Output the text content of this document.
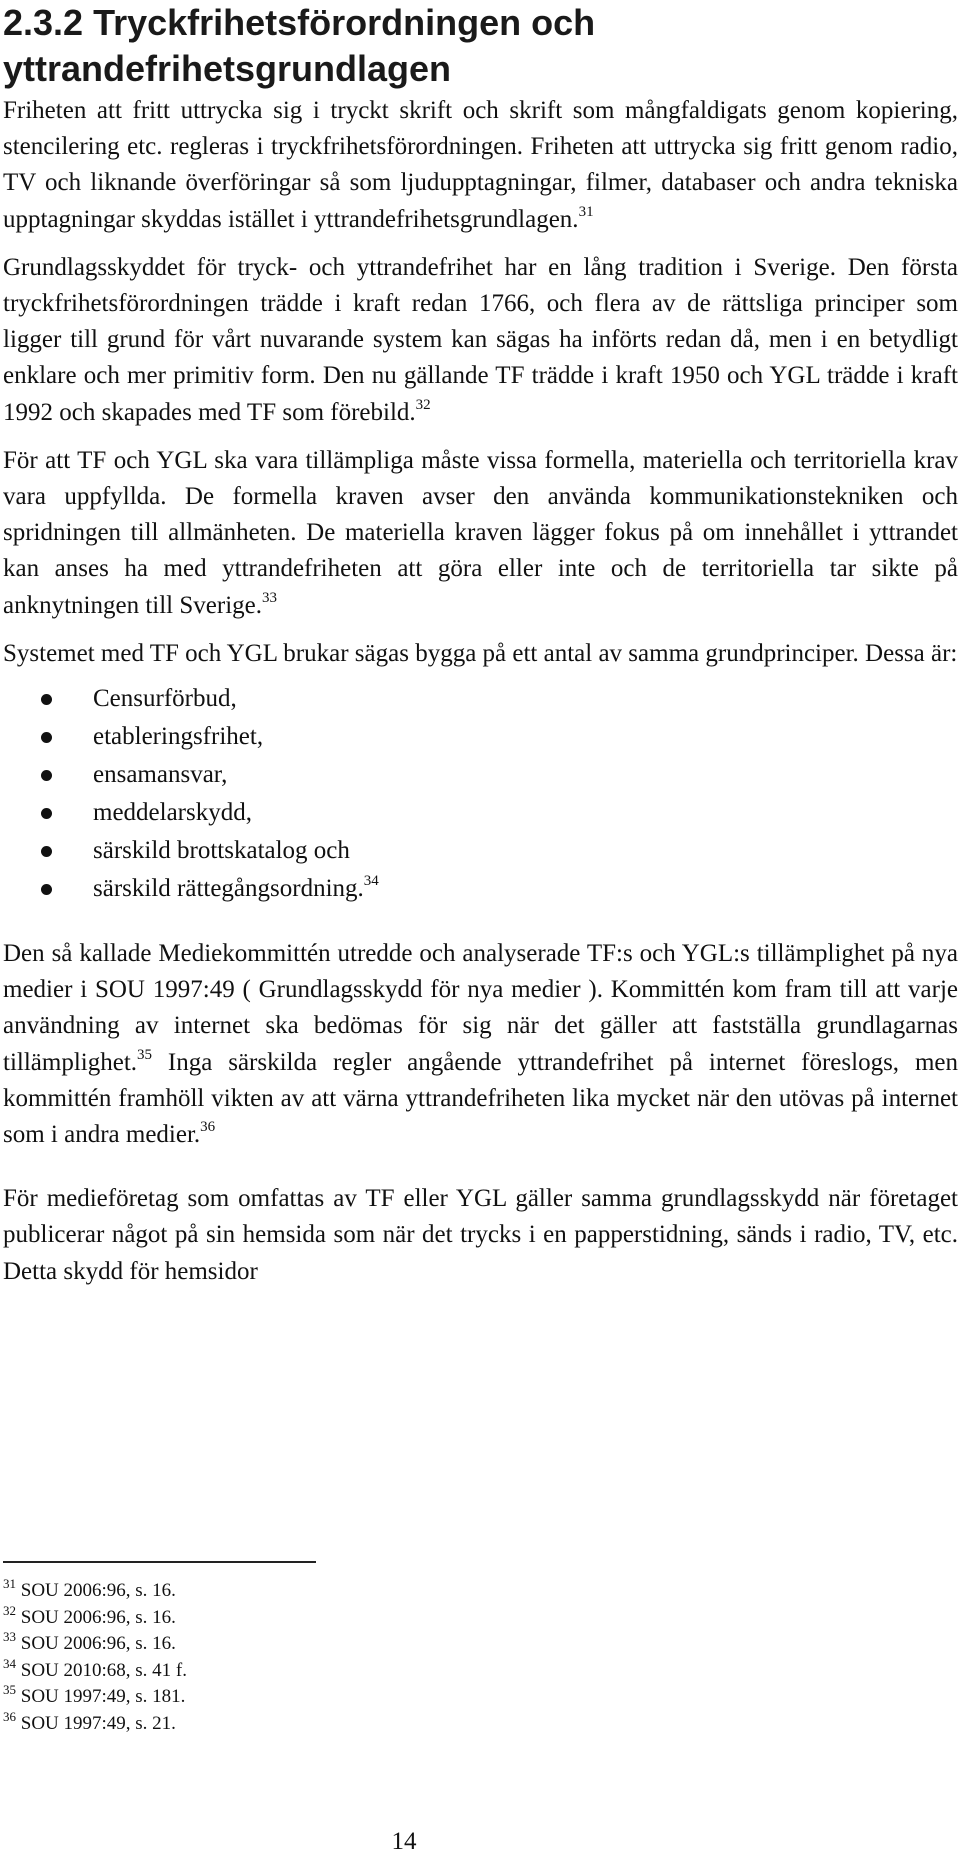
2.3.2 Tryckfrihetsförordningen och yttrandefrihetsgrundlagen

Friheten att fritt uttrycka sig i tryckt skrift och skrift som mångfaldigats genom kopiering, stencilering etc. regleras i tryckfrihetsförordningen. Friheten att uttrycka sig fritt genom radio, TV och liknande överföringar så som ljudupptagningar, filmer, databaser och andra tekniska upptagningar skyddas istället i yttrandefrihetsgrundlagen.$^{31}$

Grundlagsskyddet för tryck- och yttrandefrihet har en lång tradition i Sverige. Den första tryckfrihetsförordningen trädde i kraft redan 1766, och flera av de rättsliga principer som ligger till grund för vårt nuvarande system kan sägas ha införts redan då, men i en betydligt enklare och mer primitiv form. Den nu gällande TF trädde i kraft 1950 och YGL trädde i kraft 1992 och skapades med TF som förebild.$^{32}$

För att TF och YGL ska vara tillämpliga måste vissa formella, materiella och territoriella krav vara uppfyllda. De formella kraven avser den använda kommunikationstekniken och spridningen till allmänheten. De materiella kraven lägger fokus på om innehållet i yttrandet kan anses ha med yttrandefriheten att göra eller inte och de territoriella tar sikte på anknytningen till Sverige.$^{33}$

Systemet med TF och YGL brukar sägas bygga på ett antal av samma grundprinciper. Dessa är:

Censurförbud,
etableringsfrihet,
ensamansvar,
meddelarskydd,
särskild brottskatalog och
särskild rättegångsordning.$^{34}$

Den så kallade Mediekommittén utredde och analyserade TF:s och YGL:s tillämplighet på nya medier i SOU 1997:49 ( Grundlagsskydd för nya medier ). Kommittén kom fram till att varje användning av internet ska bedömas för sig när det gäller att fastställa grundlagarnas tillämplighet.$^{35}$ Inga särskilda regler angående yttrandefrihet på internet föreslogs, men kommittén framhöll vikten av att värna yttrandefriheten lika mycket när den utövas på internet som i andra medier.$^{36}$

För medieföretag som omfattas av TF eller YGL gäller samma grundlagsskydd när företaget publicerar något på sin hemsida som när det trycks i en papperstidning, sänds i radio, TV, etc. Detta skydd för hemsidor

$^{31}$ SOU 2006:96, s. 16.
$^{32}$ SOU 2006:96, s. 16.
$^{33}$ SOU 2006:96, s. 16.
$^{34}$ SOU 2010:68, s. 41 f.
$^{35}$ SOU 1997:49, s. 181.
$^{36}$ SOU 1997:49, s. 21.
14
